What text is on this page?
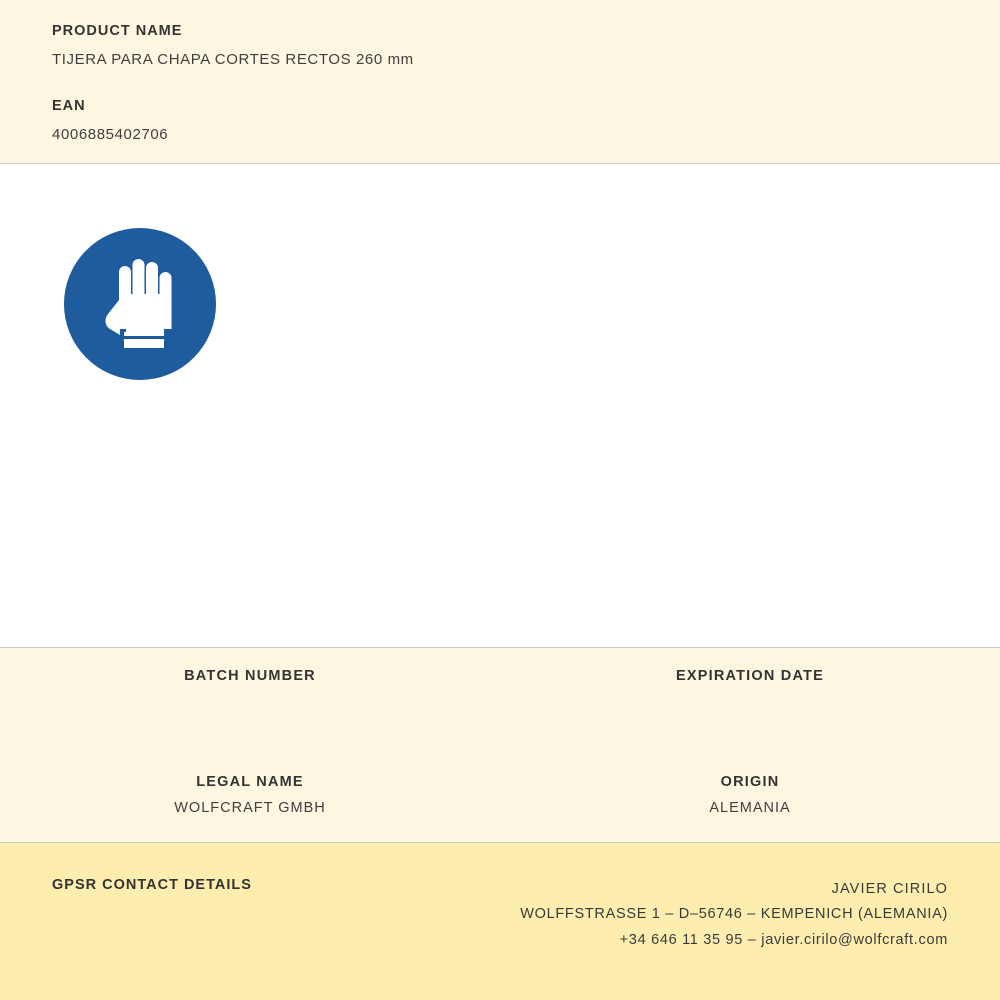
PRODUCT NAME
TIJERA PARA CHAPA CORTES RECTOS 260 mm
EAN
4006885402706
BATCH NUMBER	EXPIRATION DATE
LEGAL NAME
WOLFCRAFT GMBH
ORIGIN
ALEMANIA
GPSR CONTACT DETAILS	JAVIER CIRILO
WOLFFSTRASSE 1 – D–56746 – KEMPENICH (ALEMANIA)
+34 646 11 35 95 – javier.cirilo@wolfcraft.com
